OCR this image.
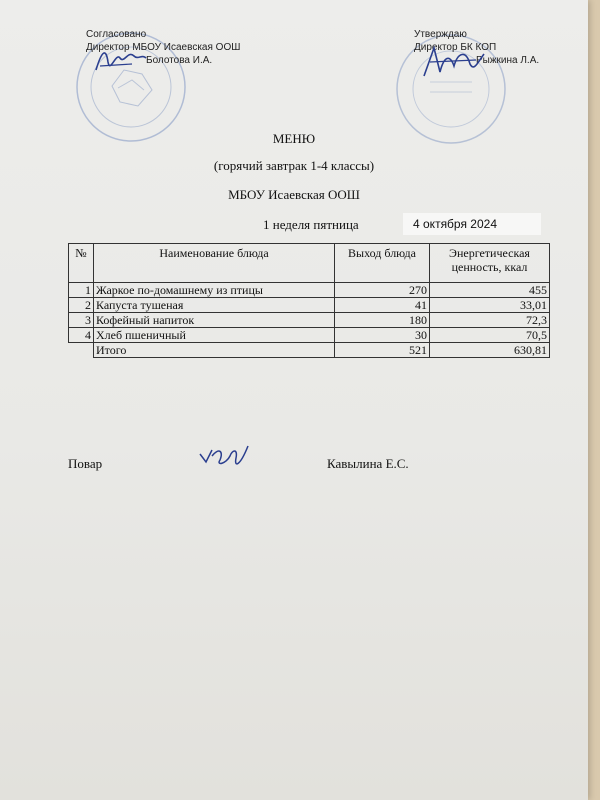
Согласовано
Директор МБОУ Исаевская ООШ
Болотова И.А.
Утверждаю
Директор БК КОП
Рыжкина Л.А.
МЕНЮ
(горячий завтрак 1-4 классы)
МБОУ Исаевская ООШ
1 неделя пятница	4 октября 2024
№	Наименование блюда	Выход блюда	Энергетическая ценность, ккал
1	Жаркое по-домашнему из птицы	270	455
2	Капуста тушеная	41	33,01
3	Кофейный напиток	180	72,3
4	Хлеб пшеничный	30	70,5
	Итого	521	630,81
Повар	Кавылина Е.С.
